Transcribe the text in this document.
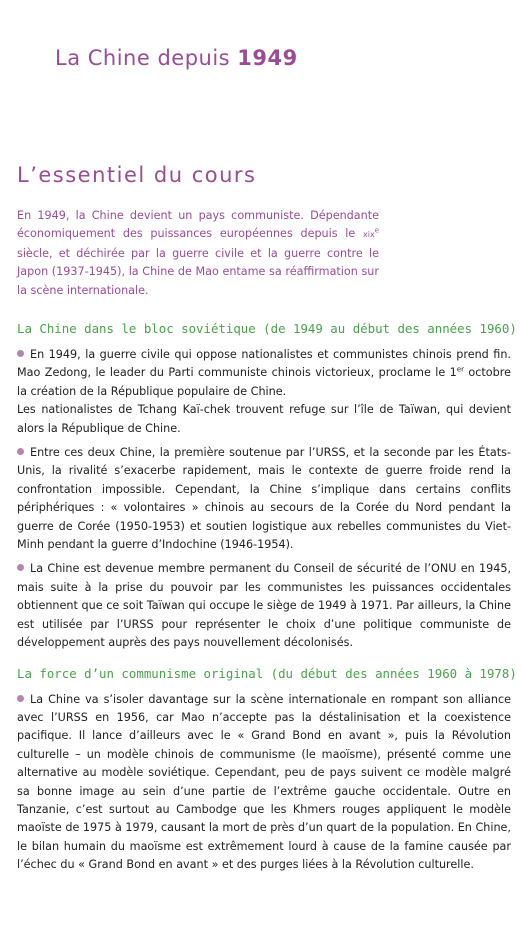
La Chine depuis 1949
L’essentiel du cours

En 1949, la Chine devient un pays communiste. Dépendante économiquement des puissances européennes depuis le xix$^e$ siècle, et déchirée par la guerre civile et la guerre contre le Japon (1937-1945), la Chine de Mao entame sa réaffirmation sur la scène internationale.

La Chine dans le bloc soviétique (de 1949 au début des années 1960)

En 1949, la guerre civile qui oppose nationalistes et communistes chinois prend fin. Mao Zedong, le leader du Parti communiste chinois victorieux, proclame le 1er octobre la création de la République populaire de Chine.

Les nationalistes de Tchang Kaï-chek trouvent refuge sur l’île de Taïwan, qui devient alors la République de Chine.

Entre ces deux Chine, la première soutenue par l’URSS, et la seconde par les États-Unis, la rivalité s’exacerbe rapidement, mais le contexte de guerre froide rend la confrontation impossible. Cependant, la Chine s’implique dans certains conflits périphériques : « volontaires » chinois au secours de la Corée du Nord pendant la guerre de Corée (1950-1953) et soutien logistique aux rebelles communistes du Viet-Minh pendant la guerre d’Indochine (1946-1954).

La Chine est devenue membre permanent du Conseil de sécurité de l’ONU en 1945, mais suite à la prise du pouvoir par les communistes les puissances occidentales obtiennent que ce soit Taïwan qui occupe le siège de 1949 à 1971. Par ailleurs, la Chine est utilisée par l’URSS pour représenter le choix d’une politique communiste de développement auprès des pays nouvellement décolonisés.

La force d’un communisme original (du début des années 1960 à 1978)

La Chine va s’isoler davantage sur la scène internationale en rompant son alliance avec l’URSS en 1956, car Mao n’accepte pas la déstalinisation et la coexistence pacifique. Il lance d’ailleurs avec le « Grand Bond en avant », puis la Révolution culturelle – un modèle chinois de communisme (le maoïsme), présenté comme une alternative au modèle soviétique. Cependant, peu de pays suivent ce modèle malgré sa bonne image au sein d’une partie de l’extrême gauche occidentale. Outre en Tanzanie, c’est surtout au Cambodge que les Khmers rouges appliquent le modèle maoïste de 1975 à 1979, causant la mort de près d’un quart de la population. En Chine, le bilan humain du maoïsme est extrêmement lourd à cause de la famine causée par l’échec du « Grand Bond en avant » et des purges liées à la Révolution culturelle.
